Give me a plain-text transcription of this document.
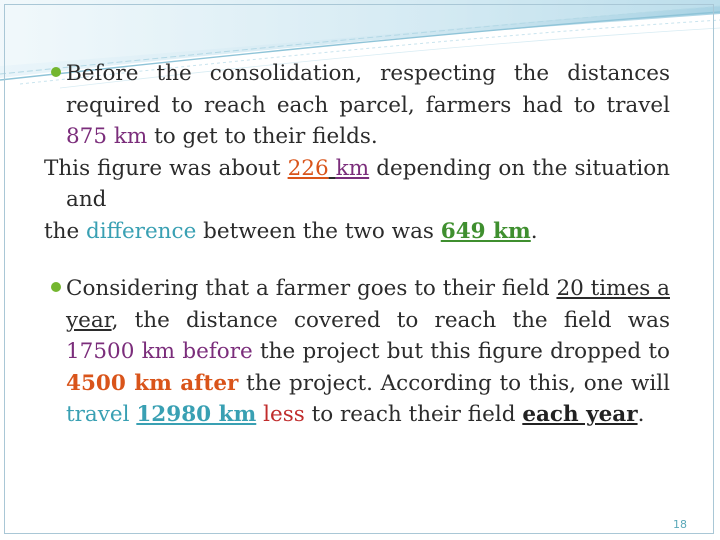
Before the consolidation, respecting the distances required to reach each parcel, farmers had to travel 875 km to get to their fields.

This figure was about 226 km depending on the situation and

the difference between the two was 649 km.

Considering that a farmer goes to their field 20 times a year, the distance covered to reach the field was 17500 km before the project but this figure dropped to 4500 km after the project. According to this, one will travel 12980 km less to reach their field each year.

18
